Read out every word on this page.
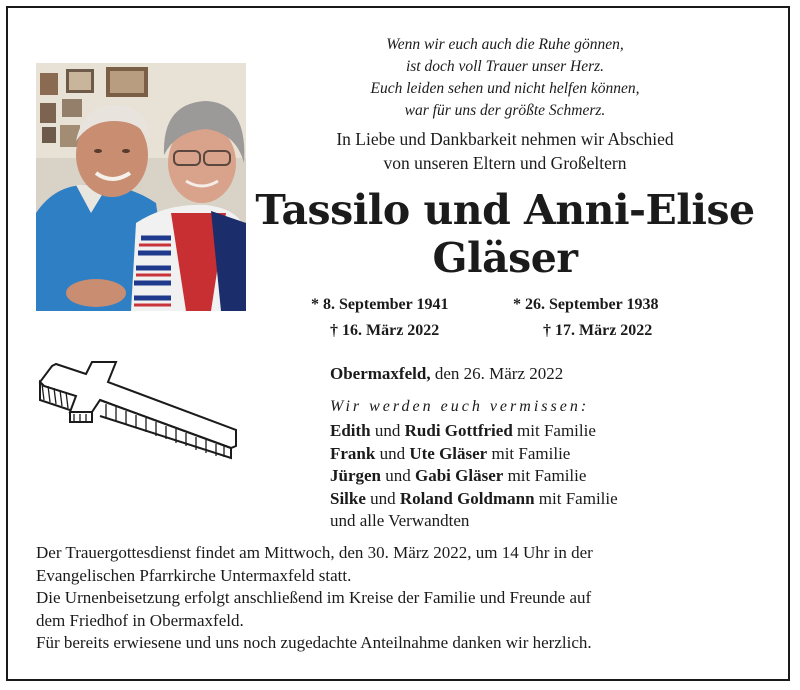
Wenn wir euch auch die Ruhe gönnen,
ist doch voll Trauer unser Herz.
Euch leiden sehen und nicht helfen können,
war für uns der größte Schmerz.
In Liebe und Dankbarkeit nehmen wir Abschied
von unseren Eltern und Großeltern
Tassilo und Anni-Elise
Gläser
* 8. September 1941
† 16. März 2022
* 26. September 1938
† 17. März 2022
Obermaxfeld, den 26. März 2022
Wir werden euch vermissen:
Edith und Rudi Gottfried mit Familie
Frank und Ute Gläser mit Familie
Jürgen und Gabi Gläser mit Familie
Silke und Roland Goldmann mit Familie
und alle Verwandten
Der Trauergottesdienst findet am Mittwoch, den 30. März 2022, um 14 Uhr in der
Evangelischen Pfarrkirche Untermaxfeld statt.
Die Urnenbeisetzung erfolgt anschließend im Kreise der Familie und Freunde auf
dem Friedhof in Obermaxfeld.
Für bereits erwiesene und uns noch zugedachte Anteilnahme danken wir herzlich.
